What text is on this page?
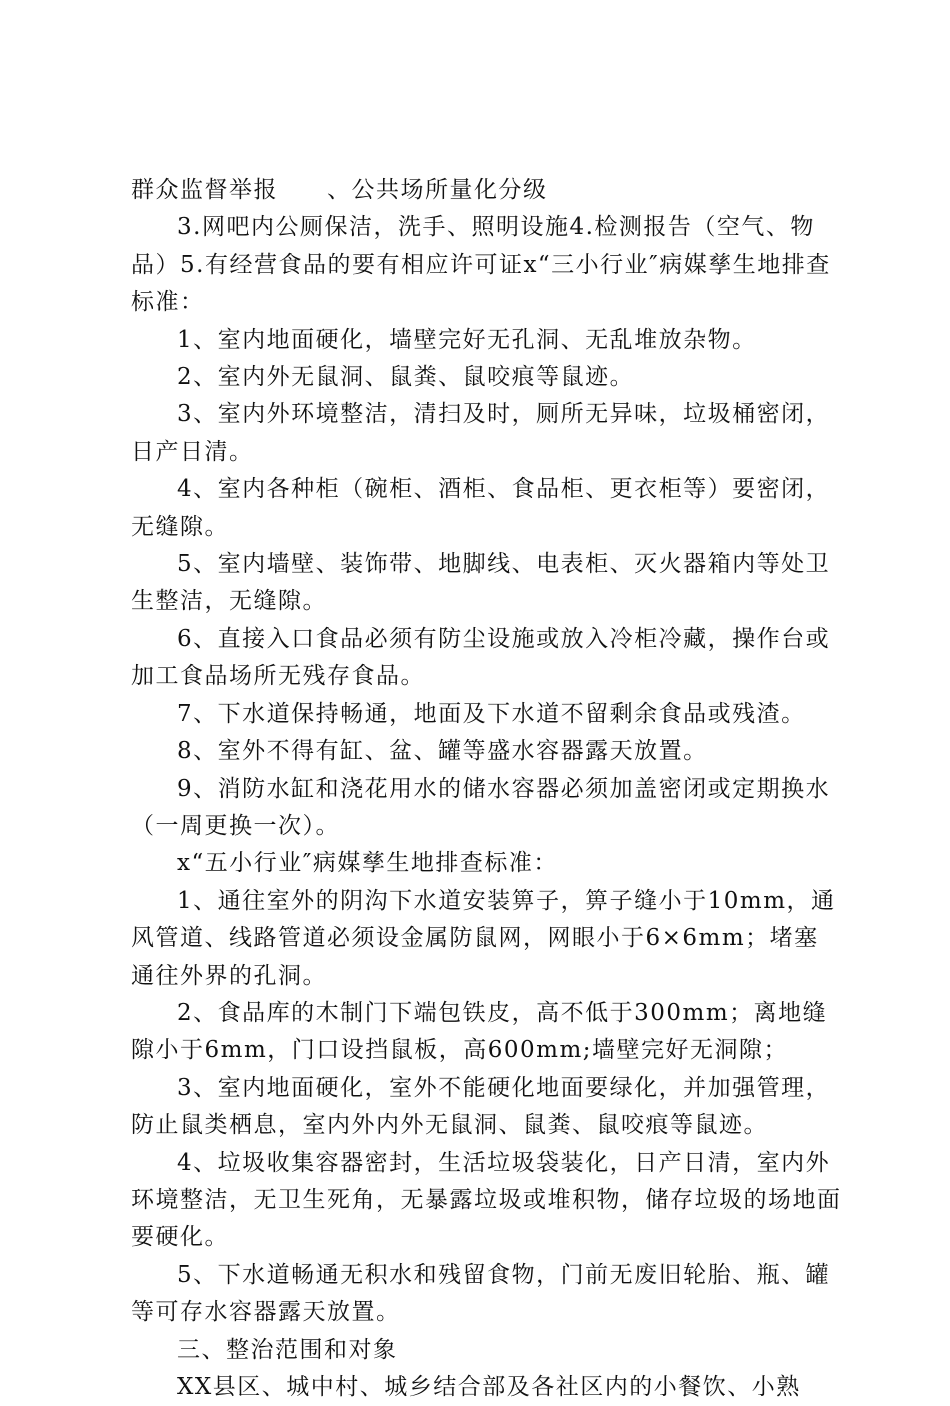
群众监督举报　　、公共场所量化分级

3.网吧内公厕保洁，洗手、照明设施4.检测报告（空气、物品）5.有经营食品的要有相应许可证x“三小行业″病媒孳生地排查标准：

1、室内地面硬化，墙壁完好无孔洞、无乱堆放杂物。

2、室内外无鼠洞、鼠粪、鼠咬痕等鼠迹。

3、室内外环境整洁，清扫及时，厕所无异味，垃圾桶密闭，日产日清。

4、室内各种柜（碗柜、酒柜、食品柜、更衣柜等）要密闭，无缝隙。

5、室内墙壁、装饰带、地脚线、电表柜、灭火器箱内等处卫生整洁，无缝隙。

6、直接入口食品必须有防尘设施或放入冷柜冷藏，操作台或加工食品场所无残存食品。

7、下水道保持畅通，地面及下水道不留剩余食品或残渣。

8、室外不得有缸、盆、罐等盛水容器露天放置。

9、消防水缸和浇花用水的储水容器必须加盖密闭或定期换水（一周更换一次）。

x“五小行业″病媒孳生地排查标准：

1、通往室外的阴沟下水道安装箅子，箅子缝小于10mm，通风管道、线路管道必须设金属防鼠网，网眼小于6×6mm；堵塞通往外界的孔洞。

2、食品库的木制门下端包铁皮，高不低于300mm；离地缝隙小于6mm，门口设挡鼠板，高600mm;墙壁完好无洞隙；

3、室内地面硬化，室外不能硬化地面要绿化，并加强管理，防止鼠类栖息，室内外内外无鼠洞、鼠粪、鼠咬痕等鼠迹。

4、垃圾收集容器密封，生活垃圾袋装化，日产日清，室内外环境整洁，无卫生死角，无暴露垃圾或堆积物，储存垃圾的场地面要硬化。

5、下水道畅通无积水和残留食物，门前无废旧轮胎、瓶、罐等可存水容器露天放置。

三、整治范围和对象

XX县区、城中村、城乡结合部及各社区内的小餐饮、小熟
